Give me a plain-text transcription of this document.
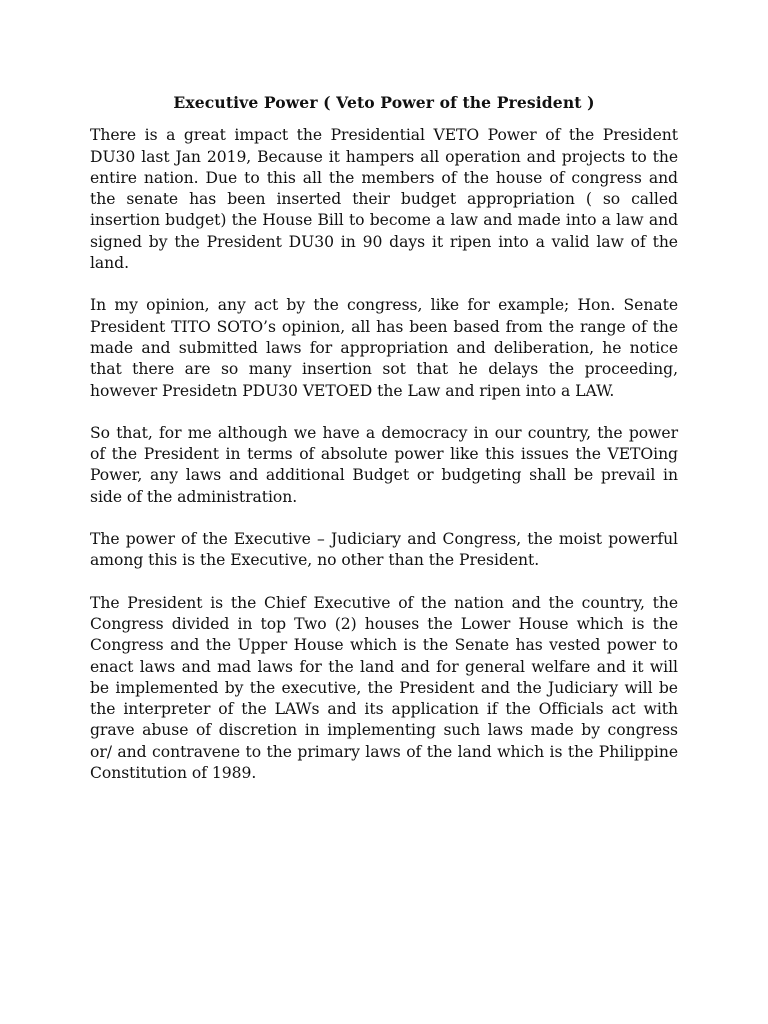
Executive Power ( Veto Power of the President )

There is a great impact the Presidential VETO Power of the President DU30 last Jan 2019, Because it hampers all operation and projects to the entire nation. Due to this all the members of the house of congress and the senate has been inserted their budget appropriation ( so called insertion budget) the House Bill to become a law and made into a law and signed by the President DU30 in 90 days it ripen into a valid law of the land.

In my opinion, any act by the congress, like for example; Hon. Senate President TITO SOTO’s opinion, all has been based from the range of the made and submitted laws for appropriation and deliberation, he notice that there are so many insertion sot that he delays the proceeding, however Presidetn PDU30 VETOED the Law and ripen into a LAW.

So that, for me although we have a democracy in our country, the power of the President in terms of absolute power like this issues the VETOing Power, any laws and additional Budget or budgeting shall be prevail in side of the administration.

The power of the Executive – Judiciary and Congress, the moist powerful among this is the Executive, no other than the President.

The President is the Chief Executive of the nation and the country, the Congress divided in top Two (2) houses the Lower House which is the Congress and the Upper House which is the Senate has vested power to enact laws and mad laws for the land and for general welfare and it will be implemented by the executive, the President and the Judiciary will be the interpreter of the LAWs and its application if the Officials act with grave abuse of discretion in implementing such laws made by congress or/ and contravene to the primary laws of the land which is the Philippine Constitution of 1989.
